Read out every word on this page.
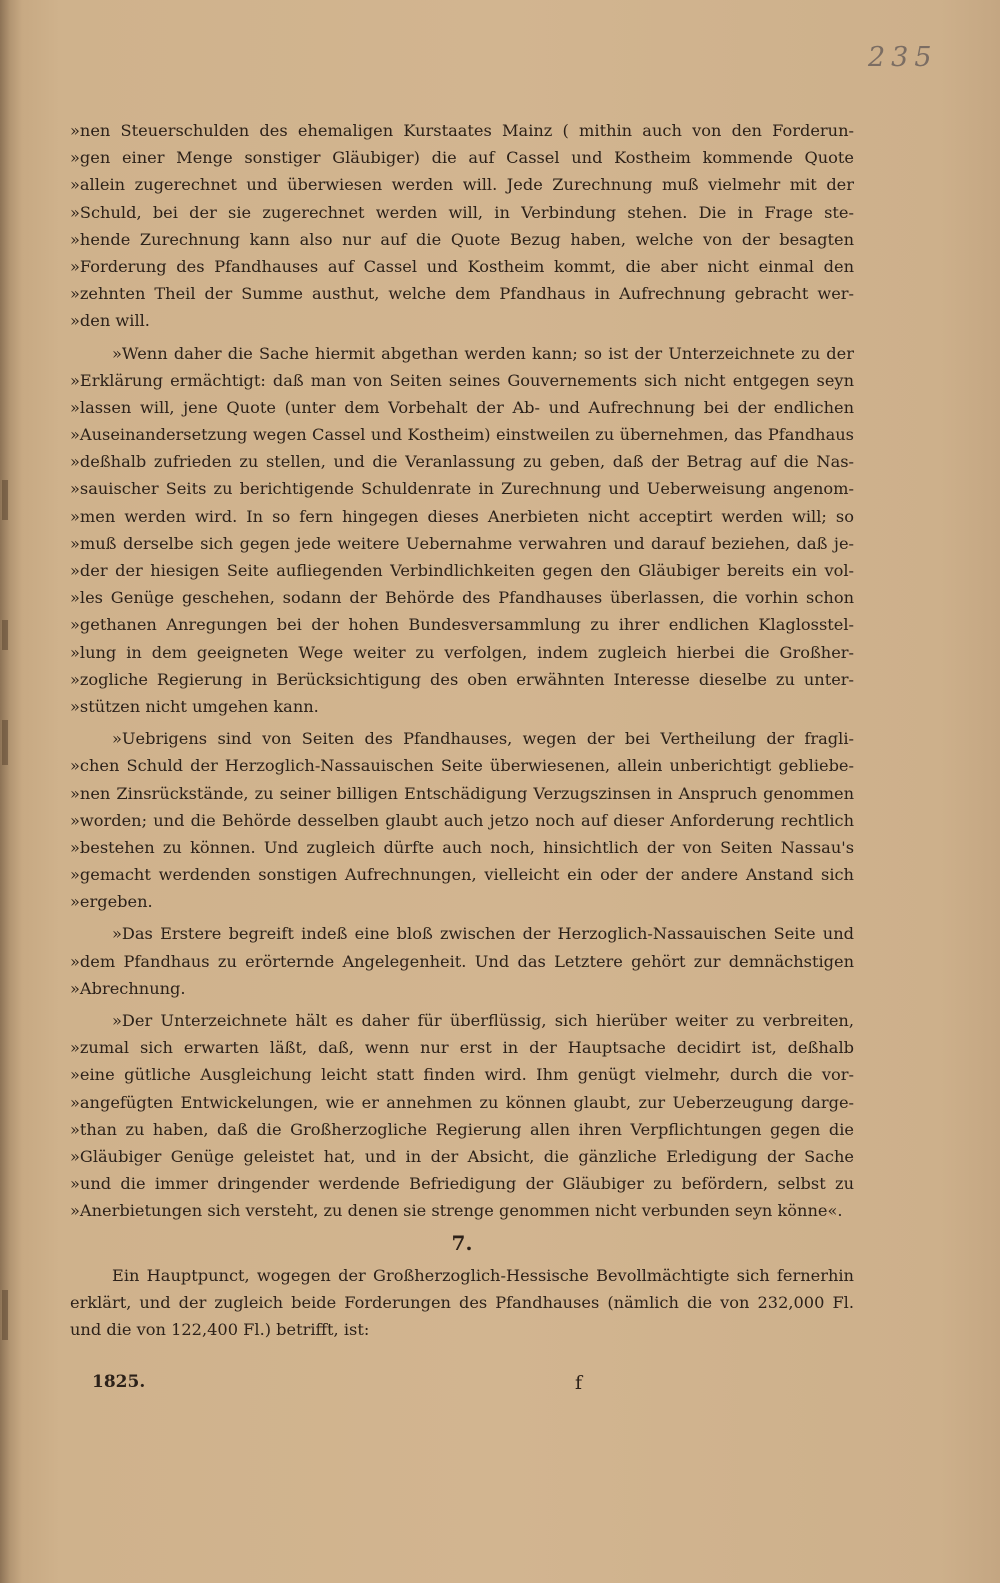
235
»nen Steuerschulden des ehemaligen Kurstaates Mainz ( mithin auch von den Forderun-
»gen einer Menge sonstiger Gläubiger) die auf Cassel und Kostheim kommende Quote
»allein zugerechnet und überwiesen werden will. Jede Zurechnung muß vielmehr mit der
»Schuld, bei der sie zugerechnet werden will, in Verbindung stehen. Die in Frage ste-
»hende Zurechnung kann also nur auf die Quote Bezug haben, welche von der besagten
»Forderung des Pfandhauses auf Cassel und Kostheim kommt, die aber nicht einmal den
»zehnten Theil der Summe austhut, welche dem Pfandhaus in Aufrechnung gebracht wer-
»den will.
»Wenn daher die Sache hiermit abgethan werden kann; so ist der Unterzeichnete zu der
»Erklärung ermächtigt: daß man von Seiten seines Gouvernements sich nicht entgegen seyn
»lassen will, jene Quote (unter dem Vorbehalt der Ab- und Aufrechnung bei der endlichen
»Auseinandersetzung wegen Cassel und Kostheim) einstweilen zu übernehmen, das Pfandhaus
»deßhalb zufrieden zu stellen, und die Veranlassung zu geben, daß der Betrag auf die Nas-
»sauischer Seits zu berichtigende Schuldenrate in Zurechnung und Ueberweisung angenom-
»men werden wird. In so fern hingegen dieses Anerbieten nicht acceptirt werden will; so
»muß derselbe sich gegen jede weitere Uebernahme verwahren und darauf beziehen, daß je-
»der der hiesigen Seite aufliegenden Verbindlichkeiten gegen den Gläubiger bereits ein vol-
»les Genüge geschehen, sodann der Behörde des Pfandhauses überlassen, die vorhin schon
»gethanen Anregungen bei der hohen Bundesversammlung zu ihrer endlichen Klaglosstel-
»lung in dem geeigneten Wege weiter zu verfolgen, indem zugleich hierbei die Großher-
»zogliche Regierung in Berücksichtigung des oben erwähnten Interesse dieselbe zu unter-
»stützen nicht umgehen kann.
»Uebrigens sind von Seiten des Pfandhauses, wegen der bei Vertheilung der fragli-
»chen Schuld der Herzoglich-Nassauischen Seite überwiesenen, allein unberichtigt gebliebe-
»nen Zinsrückstände, zu seiner billigen Entschädigung Verzugszinsen in Anspruch genommen
»worden; und die Behörde desselben glaubt auch jetzo noch auf dieser Anforderung rechtlich
»bestehen zu können. Und zugleich dürfte auch noch, hinsichtlich der von Seiten Nassau's
»gemacht werdenden sonstigen Aufrechnungen, vielleicht ein oder der andere Anstand sich
»ergeben.
»Das Erstere begreift indeß eine bloß zwischen der Herzoglich-Nassauischen Seite und
»dem Pfandhaus zu erörternde Angelegenheit. Und das Letztere gehört zur demnächstigen
»Abrechnung.
»Der Unterzeichnete hält es daher für überflüssig, sich hierüber weiter zu verbreiten,
»zumal sich erwarten läßt, daß, wenn nur erst in der Hauptsache decidirt ist, deßhalb
»eine gütliche Ausgleichung leicht statt finden wird. Ihm genügt vielmehr, durch die vor-
»angefügten Entwickelungen, wie er annehmen zu können glaubt, zur Ueberzeugung darge-
»than zu haben, daß die Großherzogliche Regierung allen ihren Verpflichtungen gegen die
»Gläubiger Genüge geleistet hat, und in der Absicht, die gänzliche Erledigung der Sache
»und die immer dringender werdende Befriedigung der Gläubiger zu befördern, selbst zu
»Anerbietungen sich versteht, zu denen sie strenge genommen nicht verbunden seyn könne«.
7.
Ein Hauptpunct, wogegen der Großherzoglich-Hessische Bevollmächtigte sich fernerhin
erklärt, und der zugleich beide Forderungen des Pfandhauses (nämlich die von 232,000 Fl.
und die von 122,400 Fl.) betrifft, ist:
1825.	f
